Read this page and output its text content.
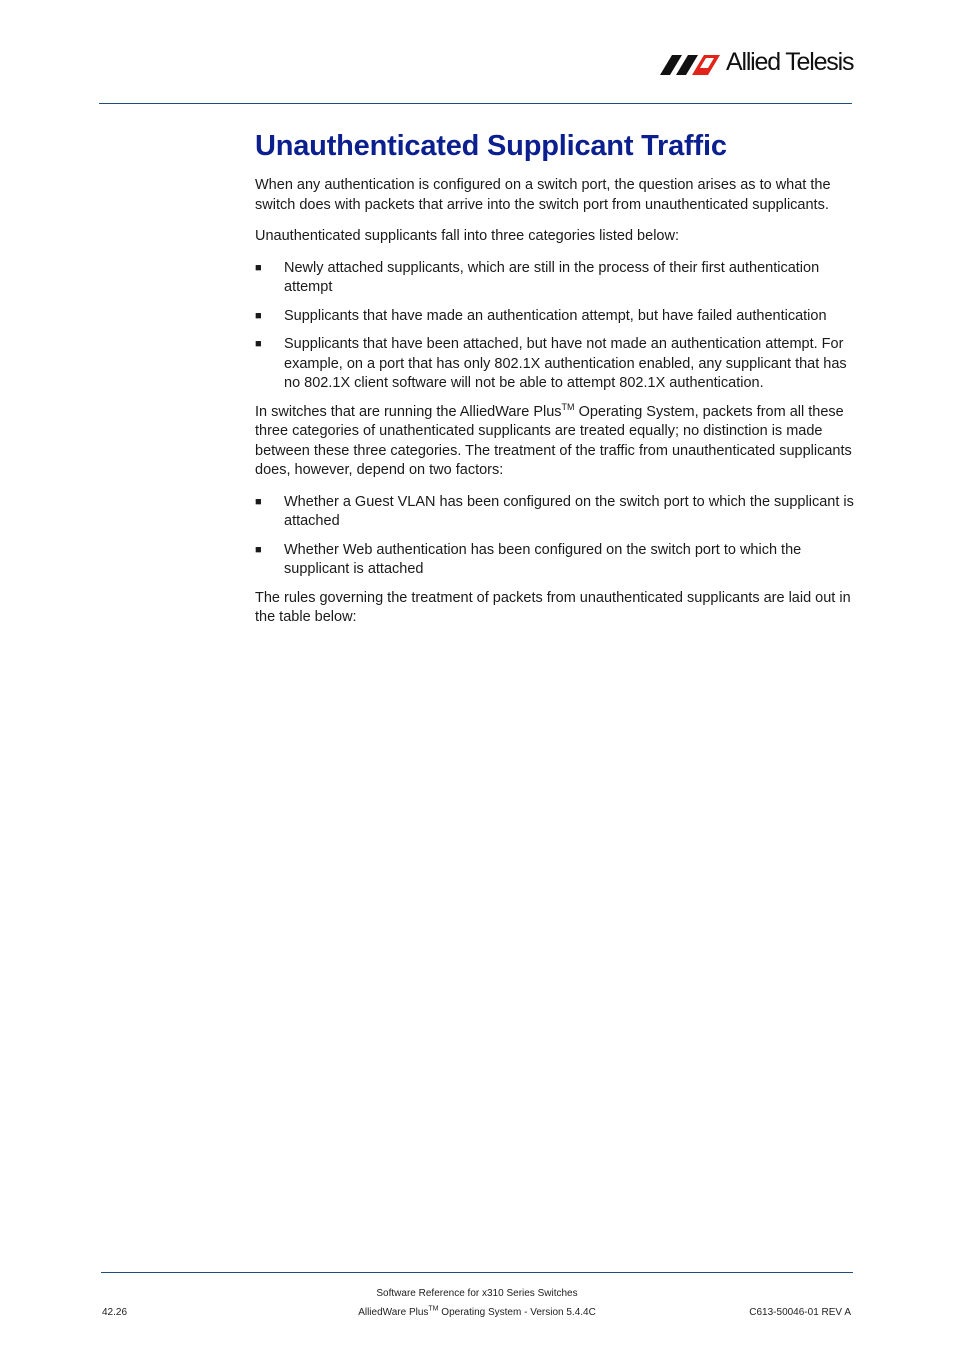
Allied Telesis
Unauthenticated Supplicant Traffic

When any authentication is configured on a switch port, the question arises as to what the switch does with packets that arrive into the switch port from unauthenticated supplicants.

Unauthenticated supplicants fall into three categories listed below:

■ Newly attached supplicants, which are still in the process of their first authentication attempt
■ Supplicants that have made an authentication attempt, but have failed authentication
■ Supplicants that have been attached, but have not made an authentication attempt. For example, on a port that has only 802.1X authentication enabled, any supplicant that has no 802.1X client software will not be able to attempt 802.1X authentication.

In switches that are running the AlliedWare Plus™ Operating System, packets from all these three categories of unathenticated supplicants are treated equally; no distinction is made between these three categories. The treatment of the traffic from unauthenticated supplicants does, however, depend on two factors:

■ Whether a Guest VLAN has been configured on the switch port to which the supplicant is attached
■ Whether Web authentication has been configured on the switch port to which the supplicant is attached

The rules governing the treatment of packets from unauthenticated supplicants are laid out in the table below:

Software Reference for x310 Series Switches
AlliedWare Plus™ Operating System - Version 5.4.4C
42.26	C613-50046-01 REV A
